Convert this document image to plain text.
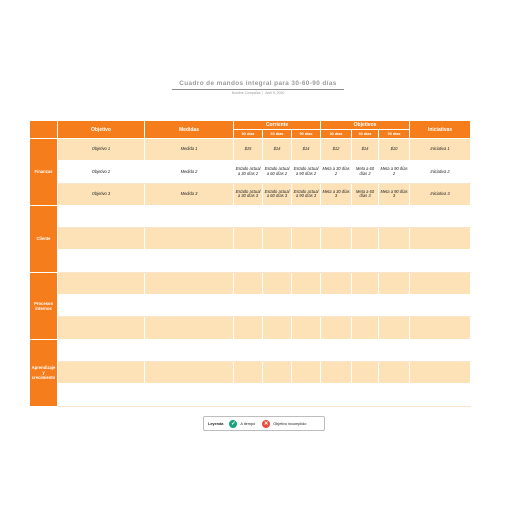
Cuadro de mandos integral para 30-60-90 días
Nombre Compañía | Abril 5, 2020
	Objetivo	Medidas	Corriente			Objetivos			Iniciativas
			30 días	60 días	90 días	30 días	60 días	90 días	
Finanzas	Objetivo 1	Medida 1	$15	$14	$14	$12	$14	$10	Iniciativa 1
	Objetivo 2	Medida 2	Estado actual a 30 días 2	Estado actual a 60 días 2	Estado actual a 90 días 2	Meta a 30 días 2	Meta a 60 días 2	Meta a 90 días 2	Iniciativa 2
	Objetivo 3	Medida 3	Estado actual a 30 días 3	Estado actual a 60 días 3	Estado actual a 90 días 3	Meta a 30 días 3	Meta a 60 días 3	Meta a 90 días 3	Iniciativa 3
Cliente									

Procesos internos									

Aprendizaje y crecimiento									

Leyenda	✓	A tiempo	✕	Objetivo incumplido
